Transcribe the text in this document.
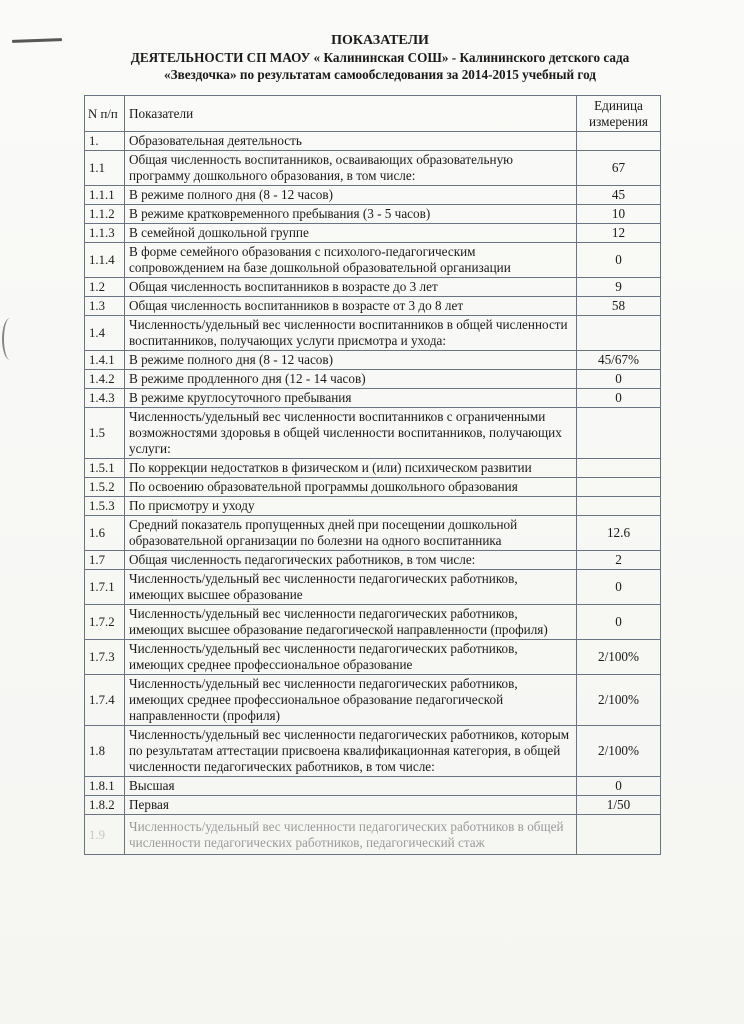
ПОКАЗАТЕЛИ
ДЕЯТЕЛЬНОСТИ СП МАОУ « Калининская СОШ» - Калининского детского сада
«Звездочка» по результатам самообследования за 2014-2015 учебный год
N п/п	Показатели	Единица
измерения
1.	Образовательная деятельность	
1.1	Общая численность воспитанников, осваивающих образовательную программу дошкольного образования, в том числе:	67
1.1.1	В режиме полного дня (8 - 12 часов)	45
1.1.2	В режиме кратковременного пребывания (3 - 5 часов)	10
1.1.3	В семейной дошкольной группе	12
1.1.4	В форме семейного образования с психолого-педагогическим сопровождением на базе дошкольной образовательной организации	0
1.2	Общая численность воспитанников в возрасте до 3 лет	9
1.3	Общая численность воспитанников в возрасте от 3 до 8 лет	58
1.4	Численность/удельный вес численности воспитанников в общей численности воспитанников, получающих услуги присмотра и ухода:	
1.4.1	В режиме полного дня (8 - 12 часов)	45/67%
1.4.2	В режиме продленного дня (12 - 14 часов)	0
1.4.3	В режиме круглосуточного пребывания	0
1.5	Численность/удельный вес численности воспитанников с ограниченными возможностями здоровья в общей численности воспитанников, получающих услуги:	
1.5.1	По коррекции недостатков в физическом и (или) психическом развитии	
1.5.2	По освоению образовательной программы дошкольного образования	
1.5.3	По присмотру и уходу	
1.6	Средний показатель пропущенных дней при посещении дошкольной образовательной организации по болезни на одного воспитанника	12.6
1.7	Общая численность педагогических работников, в том числе:	2
1.7.1	Численность/удельный вес численности педагогических работников, имеющих высшее образование	0
1.7.2	Численность/удельный вес численности педагогических работников, имеющих высшее образование педагогической направленности (профиля)	0
1.7.3	Численность/удельный вес численности педагогических работников, имеющих среднее профессиональное образование	2/100%
1.7.4	Численность/удельный вес численности педагогических работников, имеющих среднее профессиональное образование педагогической направленности (профиля)	2/100%
1.8	Численность/удельный вес численности педагогических работников, которым по результатам аттестации присвоена квалификационная категория, в общей численности педагогических работников, в том числе:	2/100%
1.8.1	Высшая	0
1.8.2	Первая	1/50
1.9	Численность/удельный вес численности педагогических работников в общей численности педагогических работников, педагогический стаж	
